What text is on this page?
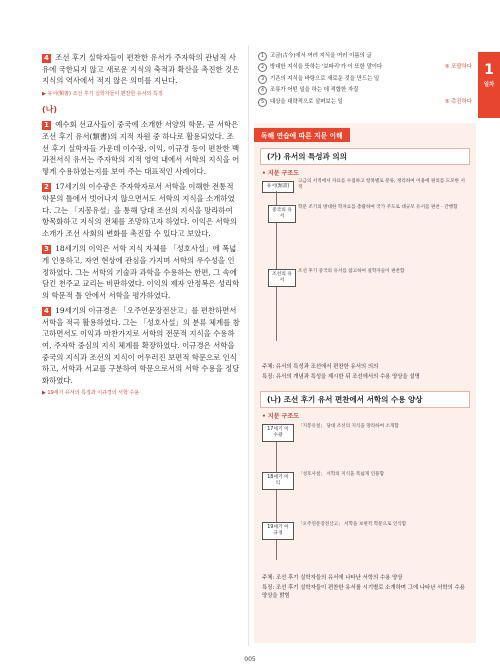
4 조선 후기 실학자들이 편찬한 유서가 주자학의 관념적 사유에 국한되지 않고 새로운 지식의 축적과 확산을 촉진한 것은 지식의 역사에서 적지 않은 의미를 지닌다.

▶ 유서(類書) 조선 후기 실학자들이 편찬한 유서의 특징
(나)

1 예수회 선교사들이 중국에 소개한 서양의 학문, 곧 서학은 조선 후기 유서(類書)의 지적 자원 중 하나로 활용되었다. 조선 후기 실학자들 가운데 이수광, 이익, 이규경 등이 편찬한 백과전서식 유서는 주자학의 지적 영역 내에서 서학의 지식을 어떻게 수용하였는지를 보여 주는 대표적인 사례이다.

2 17세기의 이수광은 주자학자로서 서학을 이해한 전통적 학문의 틀에서 벗어나지 않으면서도 서학의 지식을 소개하였다. 그는 「지봉유설」을 통해 당대 조선의 지식을 망라하여 항목화하고 지식의 전체를 조망하고자 하였다. 이익은 서학의 소개가 조선 사회의 변화를 촉진할 수 있다고 보았다.

3 18세기의 이익은 서학 지식 자체를 「성호사설」에 폭넓게 인용하고, 자연 현상에 관심을 가지며 서학의 우수성을 인정하였다. 그는 서학의 기술과 과학을 수용하는 한편, 그 속에 담긴 천주교 교리는 비판하였다. 이익의 제자 안정복은 성리학의 학문적 틀 안에서 서학을 평가하였다.

4 19세기의 이규경은 「오주연문장전산고」를 편찬하면서 서학을 적극 활용하였다. 그는 「성호사설」의 분류 체계를 참고하면서도 이익과 마찬가지로 서학의 전문적 지식을 수용하여, 주자학 중심의 지식 체계를 확장하였다. 이규경은 서학을 중국의 지식과 조선의 지식이 어우러진 보편적 학문으로 인식하고, 서학과 서교를 구분하여 학문으로서의 서학 수용을 정당화하였다.

▶ 19세기 유서의 특징과 이규경의 서학 수용
1 고금(古今)에서 여러 지식을 여러 이름의 글
2 방대한 지식을 뜻하는 '보따리'가 이 또한 말이다	⑤ 포괄하다
3 기존의 지식을 바탕으로 새로운 것을 만드는 일
4 조류가 어떤 일을 하는 데 적합한 자질
5 대상을 대략적으로 살펴보는 일	⑤ 촉진하다
독해 연습에 따른 지문 이해
(가) 유서의 특성과 의의
• 지문 구조도
유서(類書)
고금의 서적에서 자료를 수집하고 항목별로 분류, 정리하여 이용에 편의를 도모한 서적
중국의 유서
학문 조기의 방대한 학자료를 총괄하여 국가 주도로 대규모 유서를 편찬 · 간행함
조선의 유서
조선 후기 중국의 유서를 참고하여 실학자들이 편찬함
주체: 유서의 특성과 조선에서 편찬한 유서의 의의
특징: 유서의 개념과 특성을 제시한 뒤 조선에서의 수용 양상을 설명
(나) 조선 후기 유서 편찬에서 서학의 수용 양상
• 지문 구조도
17세기 이수광
「지봉유설」 당대 조선의 지식을 망라하여 소개함
18세기 이익
「성호사설」 서학의 지식을 폭넓게 인용함
19세기 이규경
「오주연문장전산고」 서학을 보편적 학문으로 인식함
주체: 조선 후기 실학자들의 유서에 나타난 서학의 수용 양상
특징: 조선 후기 실학자들이 편찬한 유서를 시기별로 소개하며 그에 나타난 서학의 수용 양상을 밝힘
1
일차
005
